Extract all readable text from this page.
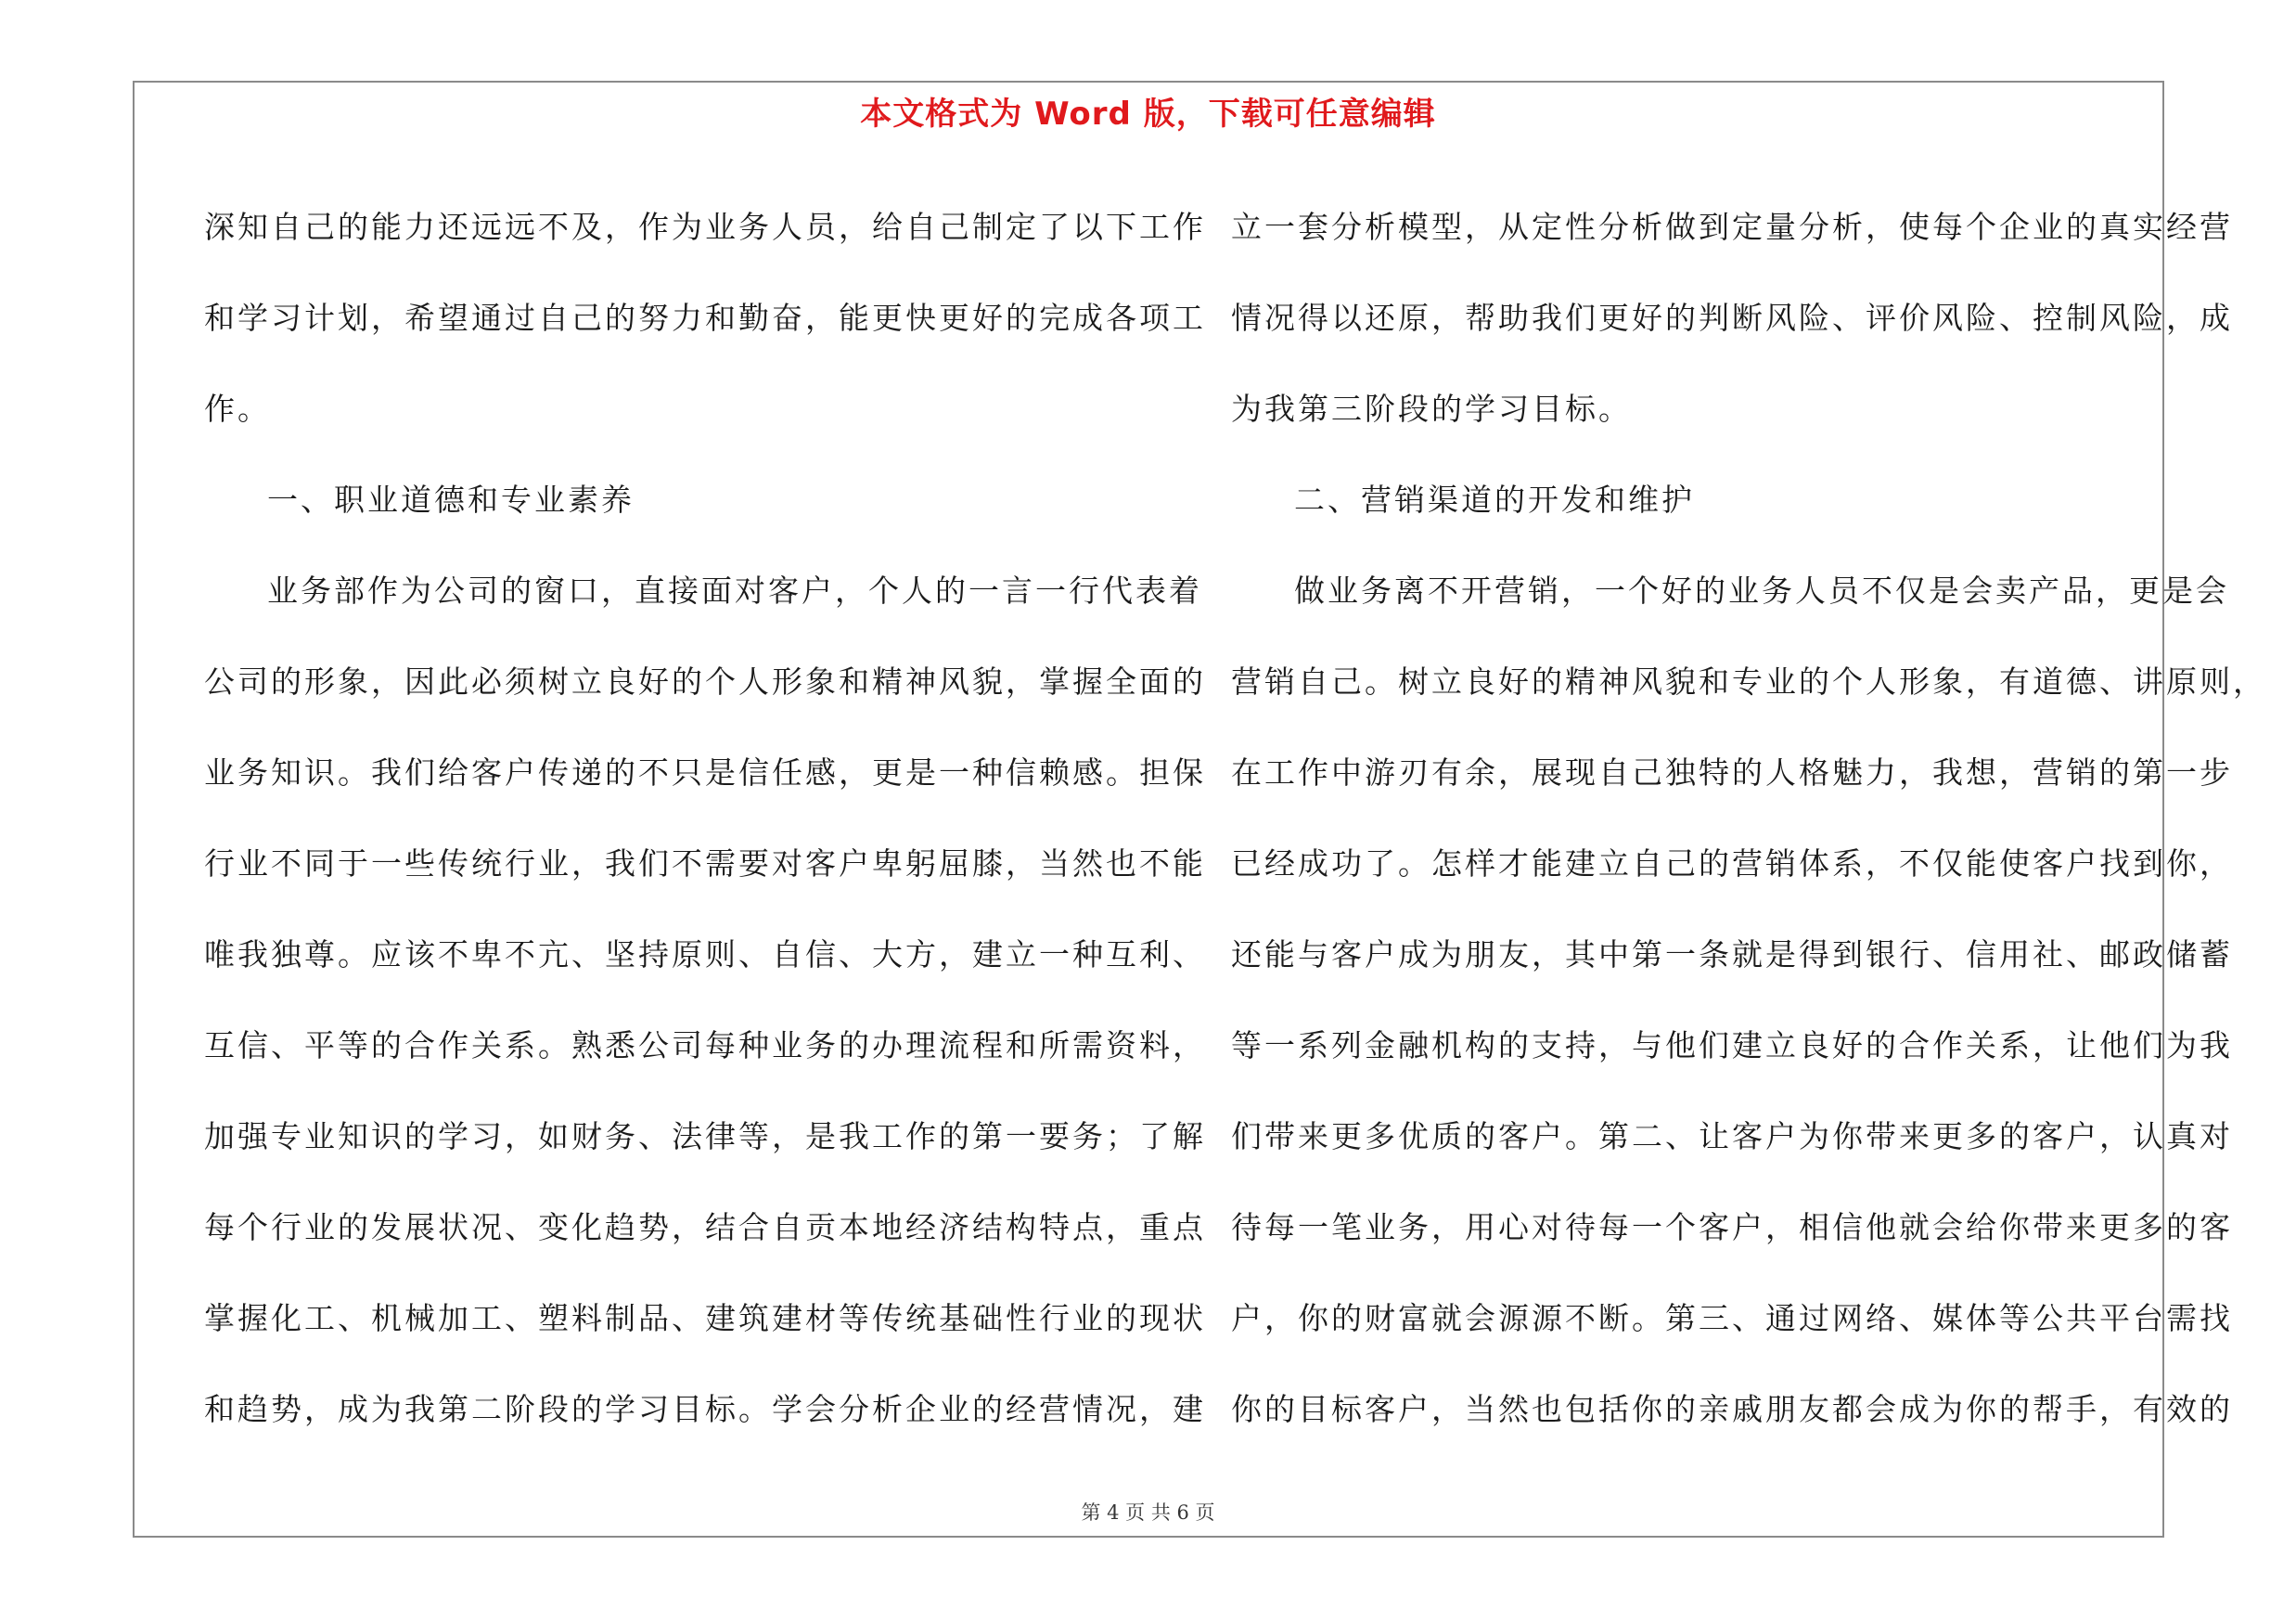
本文格式为 Word 版，下载可任意编辑
深知自己的能力还远远不及，作为业务人员，给自己制定了以下工作
和学习计划，希望通过自己的努力和勤奋，能更快更好的完成各项工
作。
一、职业道德和专业素养
业务部作为公司的窗口，直接面对客户，个人的一言一行代表着
公司的形象，因此必须树立良好的个人形象和精神风貌，掌握全面的
业务知识。我们给客户传递的不只是信任感，更是一种信赖感。担保
行业不同于一些传统行业，我们不需要对客户卑躬屈膝，当然也不能
唯我独尊。应该不卑不亢、坚持原则、自信、大方，建立一种互利、
互信、平等的合作关系。熟悉公司每种业务的办理流程和所需资料，
加强专业知识的学习，如财务、法律等，是我工作的第一要务；了解
每个行业的发展状况、变化趋势，结合自贡本地经济结构特点，重点
掌握化工、机械加工、塑料制品、建筑建材等传统基础性行业的现状
和趋势，成为我第二阶段的学习目标。学会分析企业的经营情况，建
立一套分析模型，从定性分析做到定量分析，使每个企业的真实经营
情况得以还原，帮助我们更好的判断风险、评价风险、控制风险，成
为我第三阶段的学习目标。
二、营销渠道的开发和维护
做业务离不开营销，一个好的业务人员不仅是会卖产品，更是会
营销自己。树立良好的精神风貌和专业的个人形象，有道德、讲原则，
在工作中游刃有余，展现自己独特的人格魅力，我想，营销的第一步
已经成功了。怎样才能建立自己的营销体系，不仅能使客户找到你，
还能与客户成为朋友，其中第一条就是得到银行、信用社、邮政储蓄
等一系列金融机构的支持，与他们建立良好的合作关系，让他们为我
们带来更多优质的客户。第二、让客户为你带来更多的客户，认真对
待每一笔业务，用心对待每一个客户，相信他就会给你带来更多的客
户，你的财富就会源源不断。第三、通过网络、媒体等公共平台需找
你的目标客户，当然也包括你的亲戚朋友都会成为你的帮手，有效的
第 4 页 共 6 页
